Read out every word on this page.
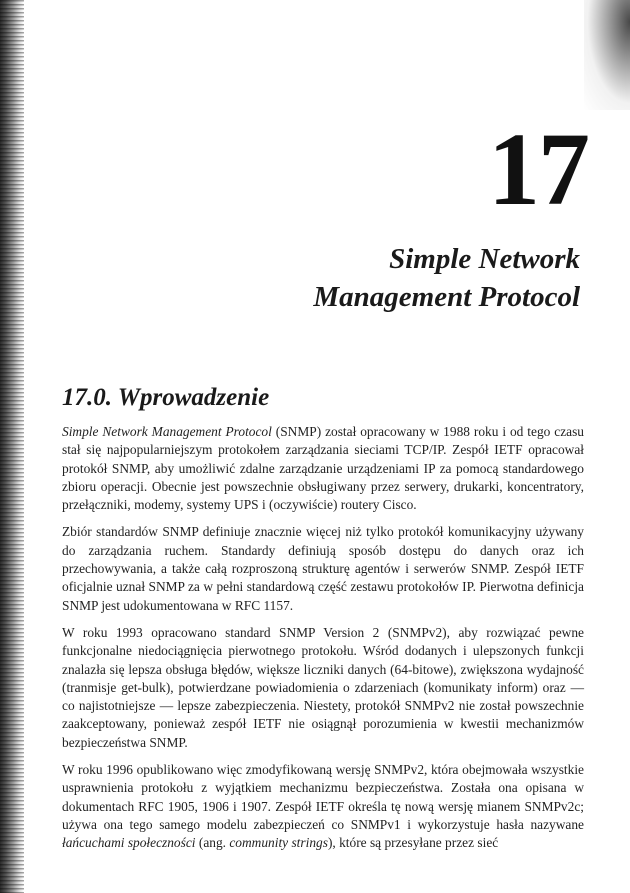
17
Simple Network
Management Protocol
17.0. Wprowadzenie

Simple Network Management Protocol (SNMP) został opracowany w 1988 roku i od tego czasu stał się najpopularniejszym protokołem zarządzania sieciami TCP/IP. Zespół IETF opracował protokół SNMP, aby umożliwić zdalne zarządzanie urządzeniami IP za pomocą standardowego zbioru operacji. Obecnie jest powszechnie obsługiwany przez serwery, drukarki, koncentratory, przełączniki, modemy, systemy UPS i (oczywiście) routery Cisco.

Zbiór standardów SNMP definiuje znacznie więcej niż tylko protokół komunikacyjny używany do zarządzania ruchem. Standardy definiują sposób dostępu do danych oraz ich przechowywania, a także całą rozproszoną strukturę agentów i serwerów SNMP. Zespół IETF oficjalnie uznał SNMP za w pełni standardową część zestawu protokołów IP. Pierwotna definicja SNMP jest udokumentowana w RFC 1157.

W roku 1993 opracowano standard SNMP Version 2 (SNMPv2), aby rozwiązać pewne funkcjonalne niedociągnięcia pierwotnego protokołu. Wśród dodanych i ulepszonych funkcji znalazła się lepsza obsługa błędów, większe liczniki danych (64-bitowe), zwiększona wydajność (tranmisje get-bulk), potwierdzane powiadomienia o zdarzeniach (komunikaty inform) oraz — co najistotniejsze — lepsze zabezpieczenia. Niestety, protokół SNMPv2 nie został powszechnie zaakceptowany, ponieważ zespół IETF nie osiągnął porozumienia w kwestii mechanizmów bezpieczeństwa SNMP.

W roku 1996 opublikowano więc zmodyfikowaną wersję SNMPv2, która obejmowała wszystkie usprawnienia protokołu z wyjątkiem mechanizmu bezpieczeństwa. Została ona opisana w dokumentach RFC 1905, 1906 i 1907. Zespół IETF określa tę nową wersję mianem SNMPv2c; używa ona tego samego modelu zabezpieczeń co SNMPv1 i wykorzystuje hasła nazywane łańcuchami społeczności (ang. community strings), które są przesyłane przez sieć
